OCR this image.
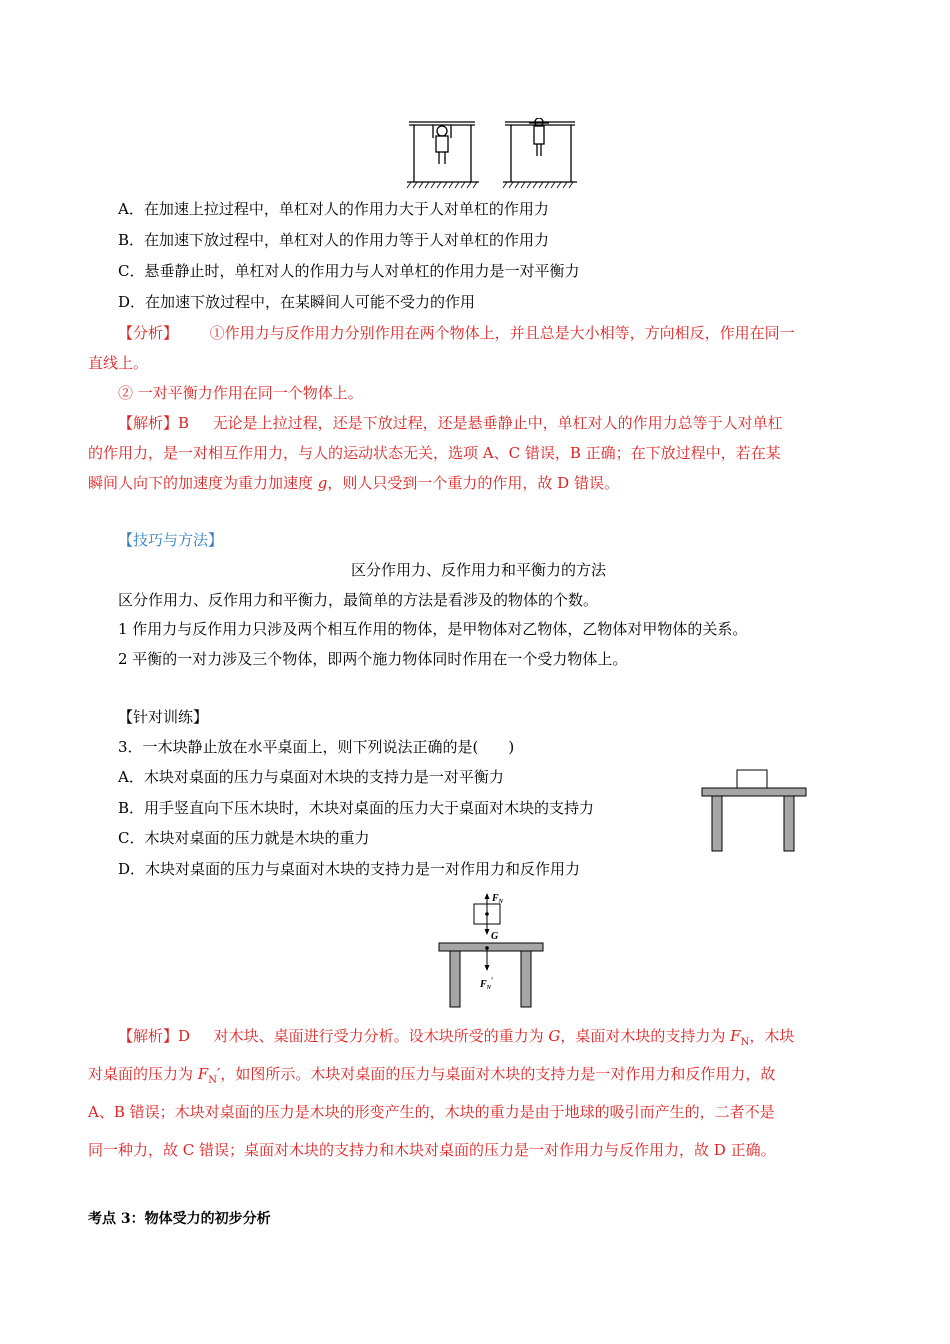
A．在加速上拉过程中，单杠对人的作用力大于人对单杠的作用力
B．在加速下放过程中，单杠对人的作用力等于人对单杠的作用力
C．悬垂静止时，单杠对人的作用力与人对单杠的作用力是一对平衡力
D．在加速下放过程中，在某瞬间人可能不受力的作用
【分析】 ①作用力与反作用力分别作用在两个物体上，并且总是大小相等，方向相反，作用在同一
直线上。
② 一对平衡力作用在同一个物体上。
【解析】B 无论是上拉过程，还是下放过程，还是悬垂静止中，单杠对人的作用力总等于人对单杠
的作用力，是一对相互作用力，与人的运动状态无关，选项 A、C 错误，B 正确；在下放过程中，若在某
瞬间人向下的加速度为重力加速度 g，则人只受到一个重力的作用，故 D 错误。
【技巧与方法】
区分作用力、反作用力和平衡力的方法
区分作用力、反作用力和平衡力，最简单的方法是看涉及的物体的个数。
1 作用力与反作用力只涉及两个相互作用的物体，是甲物体对乙物体，乙物体对甲物体的关系。
2 平衡的一对力涉及三个物体，即两个施力物体同时作用在一个受力物体上。
【针对训练】
3．一木块静止放在水平桌面上，则下列说法正确的是(　　)
A．木块对桌面的压力与桌面对木块的支持力是一对平衡力
B．用手竖直向下压木块时，木块对桌面的压力大于桌面对木块的支持力
C．木块对桌面的压力就是木块的重力
D．木块对桌面的压力与桌面对木块的支持力是一对作用力和反作用力
$F_N$
G
$F_N'$
【解析】D 对木块、桌面进行受力分析。设木块所受的重力为 G，桌面对木块的支持力为 $F_N$，木块
对桌面的压力为 $F_N'$，如图所示。木块对桌面的压力与桌面对木块的支持力是一对作用力和反作用力，故
A、B 错误；木块对桌面的压力是木块的形变产生的，木块的重力是由于地球的吸引而产生的，二者不是
同一种力，故 C 错误；桌面对木块的支持力和木块对桌面的压力是一对作用力与反作用力，故 D 正确。
考点 3：物体受力的初步分析
